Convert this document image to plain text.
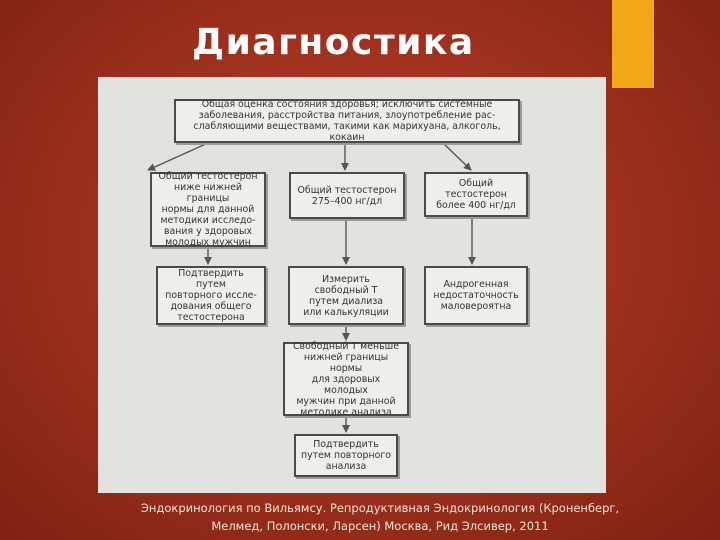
Диагностика
Общая оценка состояния здоровья; исключить системные
заболевания, расстройства питания, злоупотребление рас-
слабляющими веществами, такими как марихуана, алкоголь, кокаин
Общий тестостерон
ниже нижней границы
нормы для данной
методики исследо-
вания у здоровых
молодых мужчин
Общий тестостерон
275–400 нг/дл
Общий
тестостерон
более 400 нг/дл
Подтвердить путем
повторного иссле-
дования общего
тестостерона
Измерить
свободный Т
путем диализа
или калькуляции
Андрогенная
недостаточность
маловероятна
Свободный Т меньше
нижней границы нормы
для здоровых молодых
мужчин при данной
методике анализа
Подтвердить
путем повторного
анализа
Эндокринология по Вильямсу. Репродуктивная Эндокринология (Кроненберг,
Мелмед, Полонски, Ларсен) Москва, Рид Элсивер, 2011
